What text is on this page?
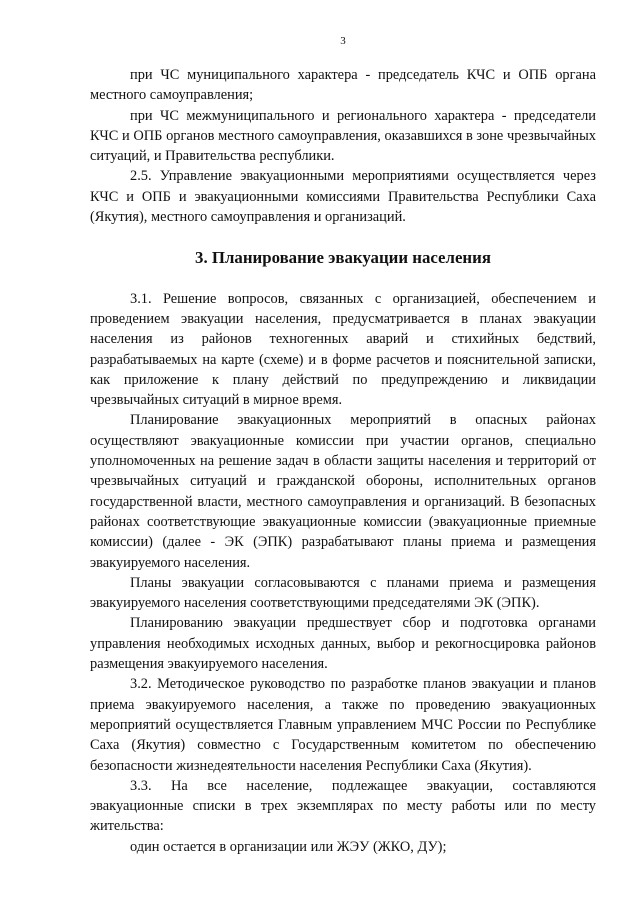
3

при ЧС муниципального характера - председатель КЧС и ОПБ органа местного самоуправления;

при ЧС межмуниципального и регионального характера - председатели КЧС и ОПБ органов местного самоуправления, оказавшихся в зоне чрезвычайных ситуаций, и Правительства республики.

2.5. Управление эвакуационными мероприятиями осуществляется через КЧС и ОПБ и эвакуационными комиссиями Правительства Республики Саха (Якутия), местного самоуправления и организаций.

3. Планирование эвакуации населения

3.1. Решение вопросов, связанных с организацией, обеспечением и проведением эвакуации населения, предусматривается в планах эвакуации населения из районов техногенных аварий и стихийных бедствий, разрабатываемых на карте (схеме) и в форме расчетов и пояснительной записки, как приложение к плану действий по предупреждению и ликвидации чрезвычайных ситуаций в мирное время.

Планирование эвакуационных мероприятий в опасных районах осуществляют эвакуационные комиссии при участии органов, специально уполномоченных на решение задач в области защиты населения и территорий от чрезвычайных ситуаций и гражданской обороны, исполнительных органов государственной власти, местного самоуправления и организаций. В безопасных районах соответствующие эвакуационные комиссии (эвакуационные приемные комиссии) (далее - ЭК (ЭПК) разрабатывают планы приема и размещения эвакуируемого населения.

Планы эвакуации согласовываются с планами приема и размещения эвакуируемого населения соответствующими председателями ЭК (ЭПК).

Планированию эвакуации предшествует сбор и подготовка органами управления необходимых исходных данных, выбор и рекогносцировка районов размещения эвакуируемого населения.

3.2. Методическое руководство по разработке планов эвакуации и планов приема эвакуируемого населения, а также по проведению эвакуационных мероприятий осуществляется Главным управлением МЧС России по Республике Саха (Якутия) совместно с Государственным комитетом по обеспечению безопасности жизнедеятельности населения Республики Саха (Якутия).

3.3. На все население, подлежащее эвакуации, составляются эвакуационные списки в трех экземплярах по месту работы или по месту жительства:

один остается в организации или ЖЭУ (ЖКО, ДУ);
